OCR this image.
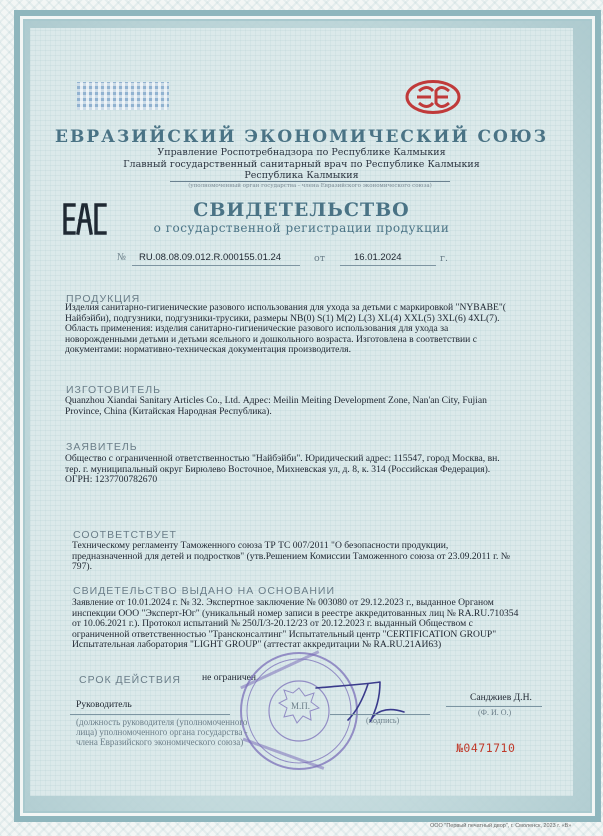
ЕВРАЗИЙСКИЙ ЭКОНОМИЧЕСКИЙ СОЮЗ
Управление Роспотребнадзора по Республике Калмыкия
Главный государственный санитарный врач по Республике Калмыкия
Республика Калмыкия
(уполномоченный орган государства - члена Евразийского экономического союза)
СВИДЕТЕЛЬСТВО
о государственной регистрации продукции
№ RU.08.08.09.012.R.000155.01.24	от	16.01.2024	г.
ПРОДУКЦИЯ
Изделия санитарно-гигиенические разового использования для ухода за детьми с маркировкой "NYBABE"(
Найбэйби), подгузники, подгузники-трусики, размеры NB(0) S(1) M(2) L(3) XL(4) XXL(5) 3XL(6) 4XL(7).
Область применения: изделия санитарно-гигиенические разового использования для ухода за
новорожденными детьми и детьми ясельного и дошкольного возраста. Изготовлена в соответствии с
документами: нормативно-техническая документация производителя.
ИЗГОТОВИТЕЛЬ
Quanzhou Xiandai Sanitary Articles Co., Ltd. Адрес: Meilin Meiting Development Zone, Nan'an City, Fujian
Province, China (Китайская Народная Республика).
ЗАЯВИТЕЛЬ
Общество с ограниченной ответственностью "Найбэйби". Юридический адрес: 115547, город Москва, вн.
тер. г. муниципальный округ Бирюлево Восточное, Михневская ул, д. 8, к. 314 (Российская Федерация).
ОГРН: 1237700782670
СООТВЕТСТВУЕТ
Техническому регламенту Таможенного союза ТР ТС 007/2011 "О безопасности продукции,
предназначенной для детей и подростков" (утв.Решением Комиссии Таможенного союза от 23.09.2011 г. №
797).
СВИДЕТЕЛЬСТВО ВЫДАНО НА ОСНОВАНИИ
Заявление от 10.01.2024 г. № 32. Экспертное заключение № 003080 от 29.12.2023 г., выданное Органом
инспекции ООО "Эксперт-Юг" (уникальный номер записи в реестре аккредитованных лиц № RA.RU.710354
от 10.06.2021 г.). Протокол испытаний № 250Л/3-20.12/23 от 20.12.2023 г. выданный Обществом с
ограниченной ответственностью "Трансконсалтинг" Испытательный центр "CERTIFICATION GROUP"
Испытательная лаборатория "LIGHT GROUP" (аттестат аккредитации № RA.RU.21АИ63)
СРОК ДЕЙСТВИЯ не ограничен
Руководитель	М.П.
(подпись)
Санджиев Д.Н.
(Ф. И. О.)
(должность руководителя (уполномоченного
лица) уполномоченного органа государства -
члена Евразийского экономического союза)	№0471710
ООО "Первый печатный двор", г. Смоленск, 2023 г. «В»
